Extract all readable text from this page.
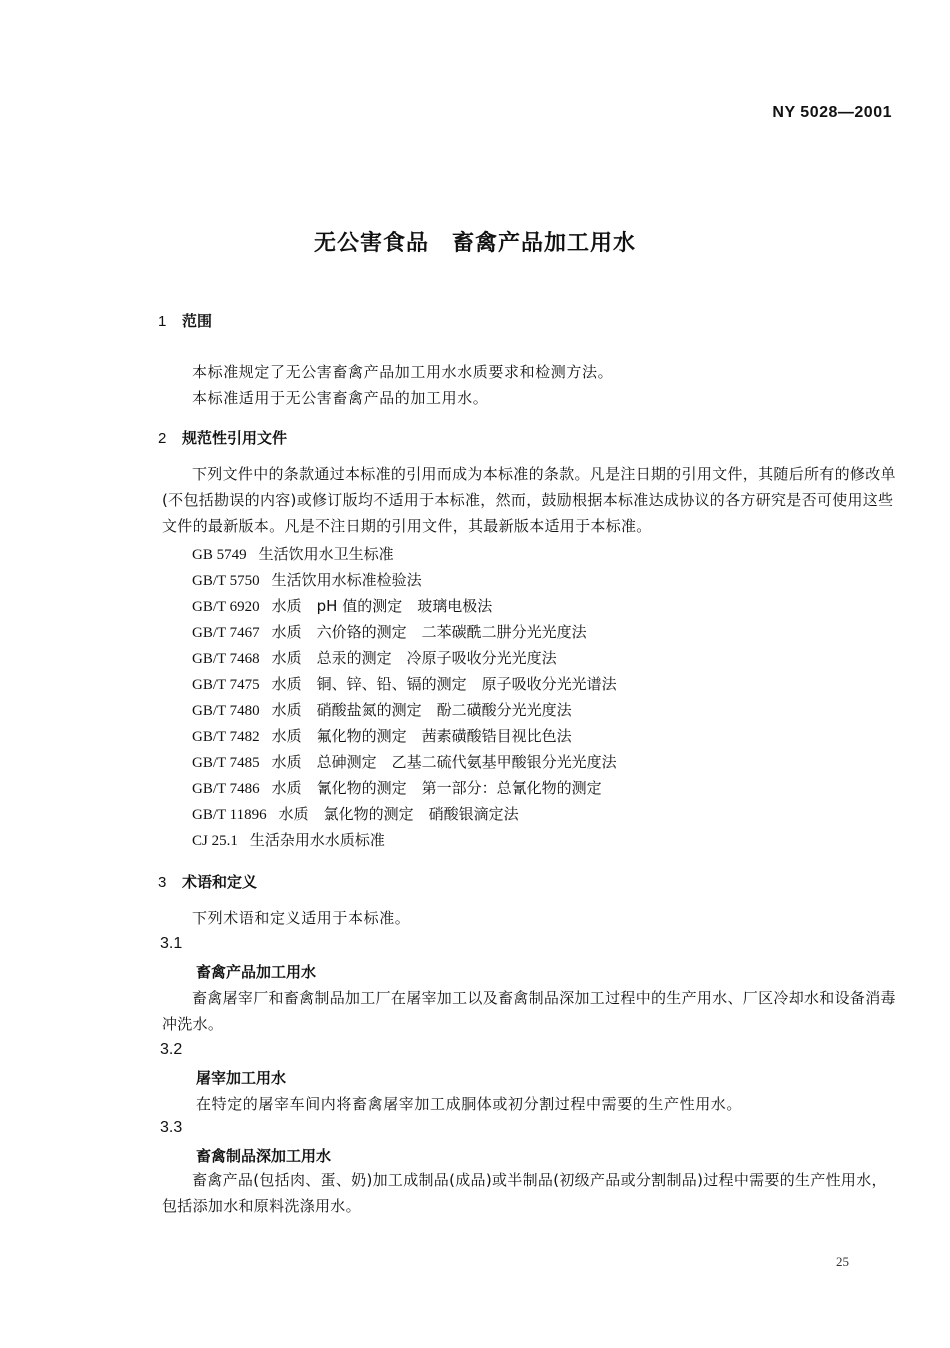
NY 5028—2001
无公害食品　畜禽产品加工用水
1 范围
本标准规定了无公害畜禽产品加工用水水质要求和检测方法。
本标准适用于无公害畜禽产品的加工用水。
2 规范性引用文件
下列文件中的条款通过本标准的引用而成为本标准的条款。凡是注日期的引用文件，其随后所有的修改单(不包括勘误的内容)或修订版均不适用于本标准，然而，鼓励根据本标准达成协议的各方研究是否可使用这些文件的最新版本。凡是不注日期的引用文件，其最新版本适用于本标准。
GB 5749 生活饮用水卫生标准
GB/T 5750 生活饮用水标准检验法
GB/T 6920 水质　pH 值的测定　玻璃电极法
GB/T 7467 水质　六价铬的测定　二苯碳酰二肼分光光度法
GB/T 7468 水质　总汞的测定　冷原子吸收分光光度法
GB/T 7475 水质　铜、锌、铅、镉的测定　原子吸收分光光谱法
GB/T 7480 水质　硝酸盐氮的测定　酚二磺酸分光光度法
GB/T 7482 水质　氟化物的测定　茜素磺酸锆目视比色法
GB/T 7485 水质　总砷测定　乙基二硫代氨基甲酸银分光光度法
GB/T 7486 水质　氰化物的测定　第一部分：总氰化物的测定
GB/T 11896 水质　氯化物的测定　硝酸银滴定法
CJ 25.1 生活杂用水水质标准
3 术语和定义
下列术语和定义适用于本标准。
3.1
畜禽产品加工用水
畜禽屠宰厂和畜禽制品加工厂在屠宰加工以及畜禽制品深加工过程中的生产用水、厂区冷却水和设备消毒冲洗水。
3.2
屠宰加工用水
在特定的屠宰车间内将畜禽屠宰加工成胴体或初分割过程中需要的生产性用水。
3.3
畜禽制品深加工用水
畜禽产品(包括肉、蛋、奶)加工成制品(成品)或半制品(初级产品或分割制品)过程中需要的生产性用水，包括添加水和原料洗涤用水。
25
